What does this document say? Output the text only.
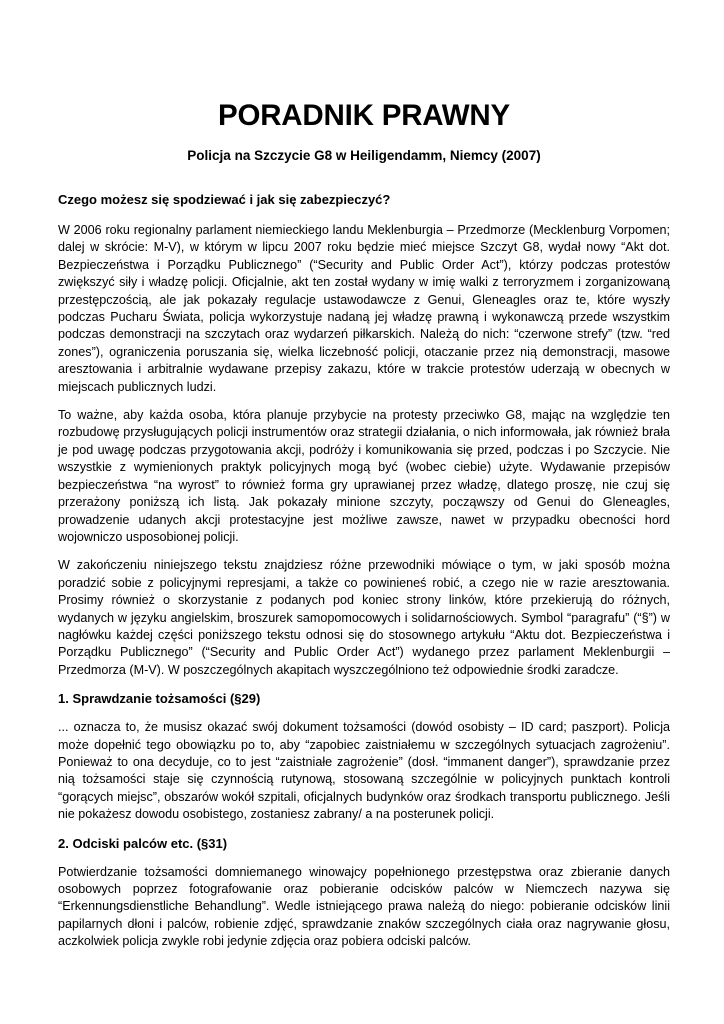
PORADNIK PRAWNY

Policja na Szczycie G8 w Heiligendamm, Niemcy (2007)

Czego możesz się spodziewać i jak się zabezpieczyć?

W 2006 roku regionalny parlament niemieckiego landu Meklenburgia – Przedmorze (Mecklenburg Vorpomen; dalej w skrócie: M-V), w którym w lipcu 2007 roku będzie mieć miejsce Szczyt G8, wydał nowy “Akt dot. Bezpieczeństwa i Porządku Publicznego” (“Security and Public Order Act”), którzy podczas protestów zwiększyć siły i władzę policji. Oficjalnie, akt ten został wydany w imię walki z terroryzmem i zorganizowaną przestępczością, ale jak pokazały regulacje ustawodawcze z Genui, Gleneagles oraz te, które wyszły podczas Pucharu Świata, policja wykorzystuje nadaną jej władzę prawną i wykonawczą przede wszystkim podczas demonstracji na szczytach oraz wydarzeń piłkarskich. Należą do nich: “czerwone strefy” (tzw. “red zones”), ograniczenia poruszania się, wielka liczebność policji, otaczanie przez nią demonstracji, masowe aresztowania i arbitralnie wydawane przepisy zakazu, które w trakcie protestów uderzają w obecnych w miejscach publicznych ludzi.

To ważne, aby każda osoba, która planuje przybycie na protesty przeciwko G8, mając na względzie ten rozbudowę przysługujących policji instrumentów oraz strategii działania, o nich informowała, jak również brała je pod uwagę podczas przygotowania akcji, podróży i komunikowania się przed, podczas i po Szczycie. Nie wszystkie z wymienionych praktyk policyjnych mogą być (wobec ciebie) użyte. Wydawanie przepisów bezpieczeństwa “na wyrost” to również forma gry uprawianej przez władzę, dlatego proszę, nie czuj się przerażony poniższą ich listą. Jak pokazały minione szczyty, począwszy od Genui do Gleneagles, prowadzenie udanych akcji protestacyjne jest możliwe zawsze, nawet w przypadku obecności hord wojowniczo usposobionej policji.

W zakończeniu niniejszego tekstu znajdziesz różne przewodniki mówiące o tym, w jaki sposób można poradzić sobie z policyjnymi represjami, a także co powinieneś robić, a czego nie w razie aresztowania. Prosimy również o skorzystanie z podanych pod koniec strony linków, które przekierują do różnych, wydanych w języku angielskim, broszurek samopomocowych i solidarnościowych. Symbol “paragrafu” (“§”) w nagłówku każdej części poniższego tekstu odnosi się do stosownego artykułu “Aktu dot. Bezpieczeństwa i Porządku Publicznego” (“Security and Public Order Act”) wydanego przez parlament Meklenburgii – Przedmorza (M-V). W poszczególnych akapitach wyszczególniono też odpowiednie środki zaradcze.

1. Sprawdzanie tożsamości (§29)

... oznacza to, że musisz okazać swój dokument tożsamości (dowód osobisty – ID card; paszport). Policja może dopełnić tego obowiązku po to, aby “zapobiec zaistniałemu w szczególnych sytuacjach zagrożeniu”. Ponieważ to ona decyduje, co to jest “zaistniałe zagrożenie” (dosł. “immanent danger”), sprawdzanie przez nią tożsamości staje się czynnością rutynową, stosowaną szczególnie w policyjnych punktach kontroli “gorących miejsc”, obszarów wokół szpitali, oficjalnych budynków oraz środkach transportu publicznego. Jeśli nie pokażesz dowodu osobistego, zostaniesz zabrany/ a na posterunek policji.

2. Odciski palców etc. (§31)

Potwierdzanie tożsamości domniemanego winowajcy popełnionego przestępstwa oraz zbieranie danych osobowych poprzez fotografowanie oraz pobieranie odcisków palców w Niemczech nazywa się “Erkennungsdienstliche Behandlung”. Wedle istniejącego prawa należą do niego: pobieranie odcisków linii papilarnych dłoni i palców, robienie zdjęć, sprawdzanie znaków szczególnych ciała oraz nagrywanie głosu, aczkolwiek policja zwykle robi jedynie zdjęcia oraz pobiera odciski palców.
